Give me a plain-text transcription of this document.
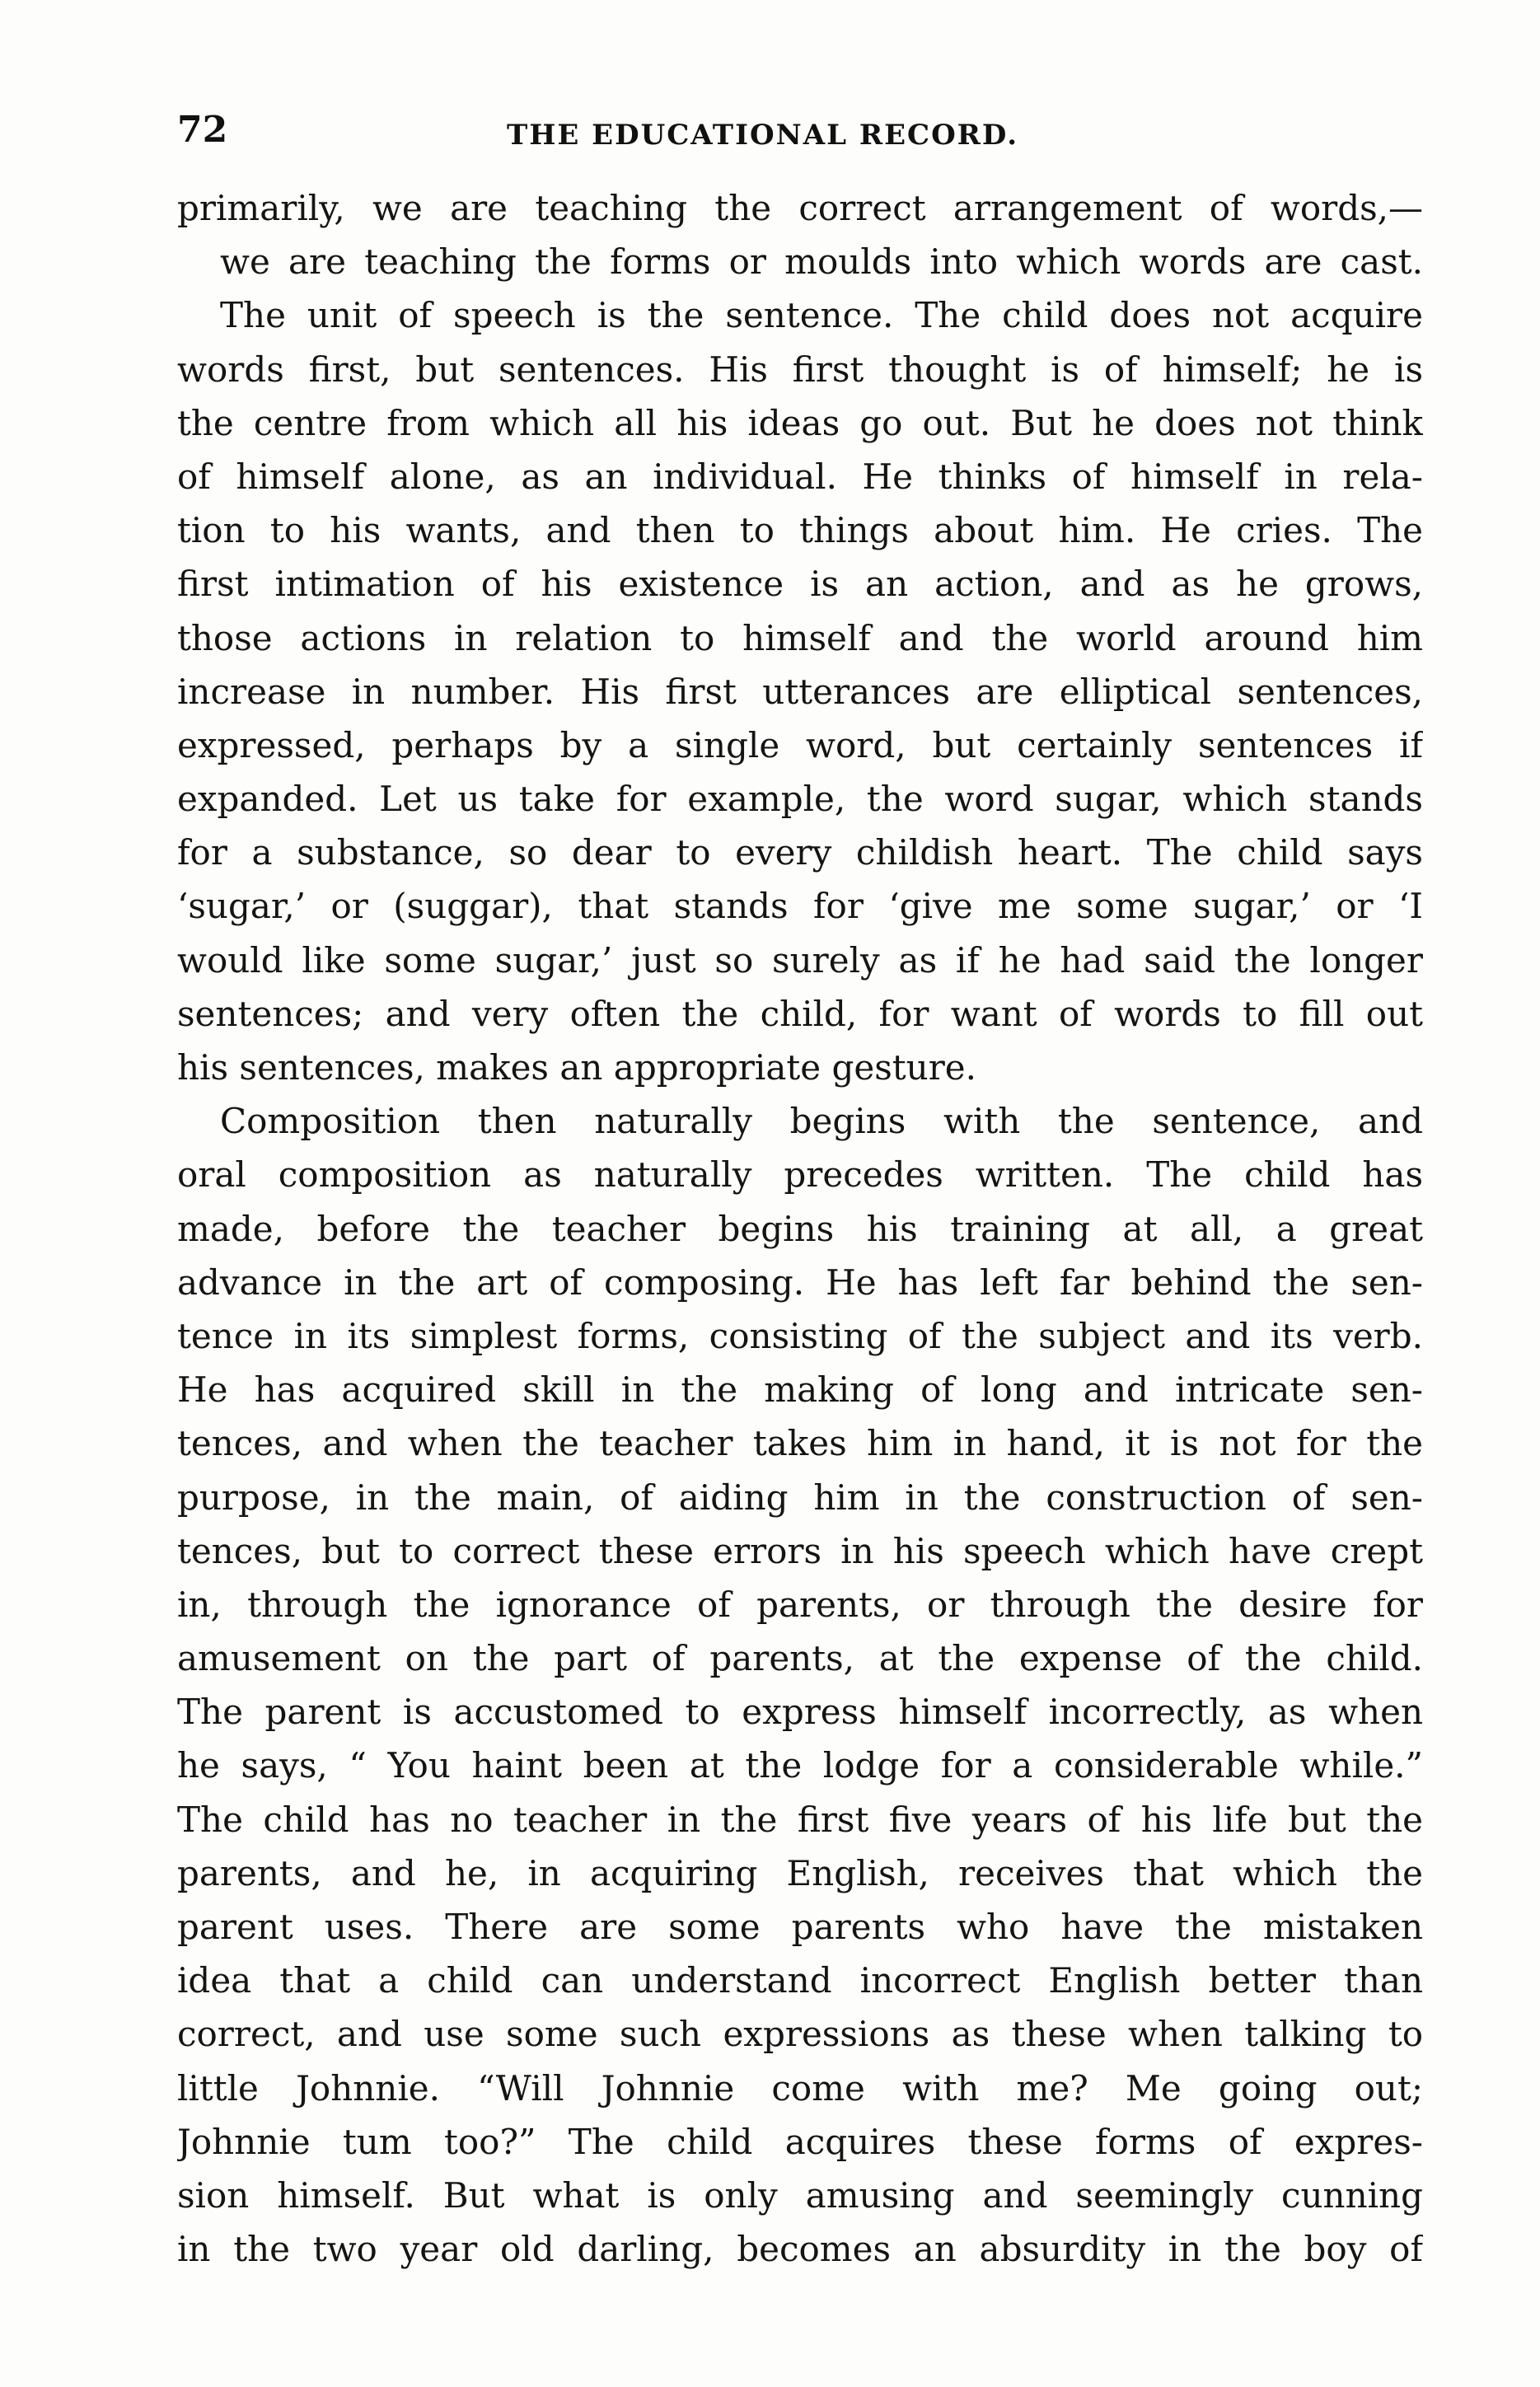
72	THE EDUCATIONAL RECORD.
primarily, we are teaching the correct arrangement of words,—
we are teaching the forms or moulds into which words are cast.
The unit of speech is the sentence. The child does not acquire
words first, but sentences. His first thought is of himself; he is
the centre from which all his ideas go out. But he does not think
of himself alone, as an individual. He thinks of himself in rela-
tion to his wants, and then to things about him. He cries. The
first intimation of his existence is an action, and as he grows,
those actions in relation to himself and the world around him
increase in number. His first utterances are elliptical sentences,
expressed, perhaps by a single word, but certainly sentences if
expanded. Let us take for example, the word sugar, which stands
for a substance, so dear to every childish heart. The child says
‘sugar,’ or (suggar), that stands for ‘give me some sugar,’ or ‘I
would like some sugar,’ just so surely as if he had said the longer
sentences; and very often the child, for want of words to fill out
his sentences, makes an appropriate gesture.
Composition then naturally begins with the sentence, and
oral composition as naturally precedes written. The child has
made, before the teacher begins his training at all, a great
advance in the art of composing. He has left far behind the sen-
tence in its simplest forms, consisting of the subject and its verb.
He has acquired skill in the making of long and intricate sen-
tences, and when the teacher takes him in hand, it is not for the
purpose, in the main, of aiding him in the construction of sen-
tences, but to correct these errors in his speech which have crept
in, through the ignorance of parents, or through the desire for
amusement on the part of parents, at the expense of the child.
The parent is accustomed to express himself incorrectly, as when
he says, “ You haint been at the lodge for a considerable while.”
The child has no teacher in the first five years of his life but the
parents, and he, in acquiring English, receives that which the
parent uses. There are some parents who have the mistaken
idea that a child can understand incorrect English better than
correct, and use some such expressions as these when talking to
little Johnnie. “Will Johnnie come with me? Me going out;
Johnnie tum too?” The child acquires these forms of expres-
sion himself. But what is only amusing and seemingly cunning
in the two year old darling, becomes an absurdity in the boy of
